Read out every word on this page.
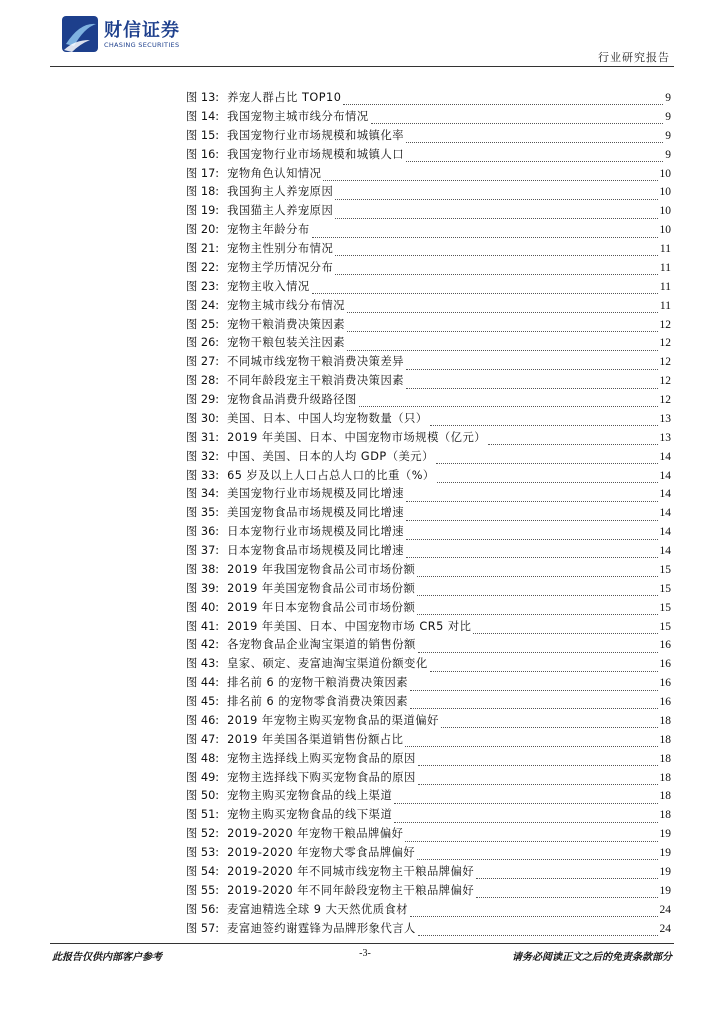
财信证券
CHASING SECURITIES
行业研究报告
图 13: 养宠人群占比 TOP10	9
图 14: 我国宠物主城市线分布情况	9
图 15: 我国宠物行业市场规模和城镇化率	9
图 16: 我国宠物行业市场规模和城镇人口	9
图 17: 宠物角色认知情况	10
图 18: 我国狗主人养宠原因	10
图 19: 我国猫主人养宠原因	10
图 20: 宠物主年龄分布	10
图 21: 宠物主性别分布情况	11
图 22: 宠物主学历情况分布	11
图 23: 宠物主收入情况	11
图 24: 宠物主城市线分布情况	11
图 25: 宠物干粮消费决策因素	12
图 26: 宠物干粮包装关注因素	12
图 27: 不同城市线宠物干粮消费决策差异	12
图 28: 不同年龄段宠主干粮消费决策因素	12
图 29: 宠物食品消费升级路径图	12
图 30: 美国、日本、中国人均宠物数量（只）	13
图 31: 2019 年美国、日本、中国宠物市场规模（亿元）	13
图 32: 中国、美国、日本的人均 GDP（美元）	14
图 33: 65 岁及以上人口占总人口的比重（%）	14
图 34: 美国宠物行业市场规模及同比增速	14
图 35: 美国宠物食品市场规模及同比增速	14
图 36: 日本宠物行业市场规模及同比增速	14
图 37: 日本宠物食品市场规模及同比增速	14
图 38: 2019 年我国宠物食品公司市场份额	15
图 39: 2019 年美国宠物食品公司市场份额	15
图 40: 2019 年日本宠物食品公司市场份额	15
图 41: 2019 年美国、日本、中国宠物市场 CR5 对比	15
图 42: 各宠物食品企业淘宝渠道的销售份额	16
图 43: 皇家、硕定、麦富迪淘宝渠道份额变化	16
图 44: 排名前 6 的宠物干粮消费决策因素	16
图 45: 排名前 6 的宠物零食消费决策因素	16
图 46: 2019 年宠物主购买宠物食品的渠道偏好	18
图 47: 2019 年美国各渠道销售份额占比	18
图 48: 宠物主选择线上购买宠物食品的原因	18
图 49: 宠物主选择线下购买宠物食品的原因	18
图 50: 宠物主购买宠物食品的线上渠道	18
图 51: 宠物主购买宠物食品的线下渠道	18
图 52: 2019-2020 年宠物干粮品牌偏好	19
图 53: 2019-2020 年宠物犬零食品牌偏好	19
图 54: 2019-2020 年不同城市线宠物主干粮品牌偏好	19
图 55: 2019-2020 年不同年龄段宠物主干粮品牌偏好	19
图 56: 麦富迪精选全球 9 大天然优质食材	24
图 57: 麦富迪签约谢霆锋为品牌形象代言人	24
此报告仅供内部客户参考	-3-	请务必阅读正文之后的免责条款部分
